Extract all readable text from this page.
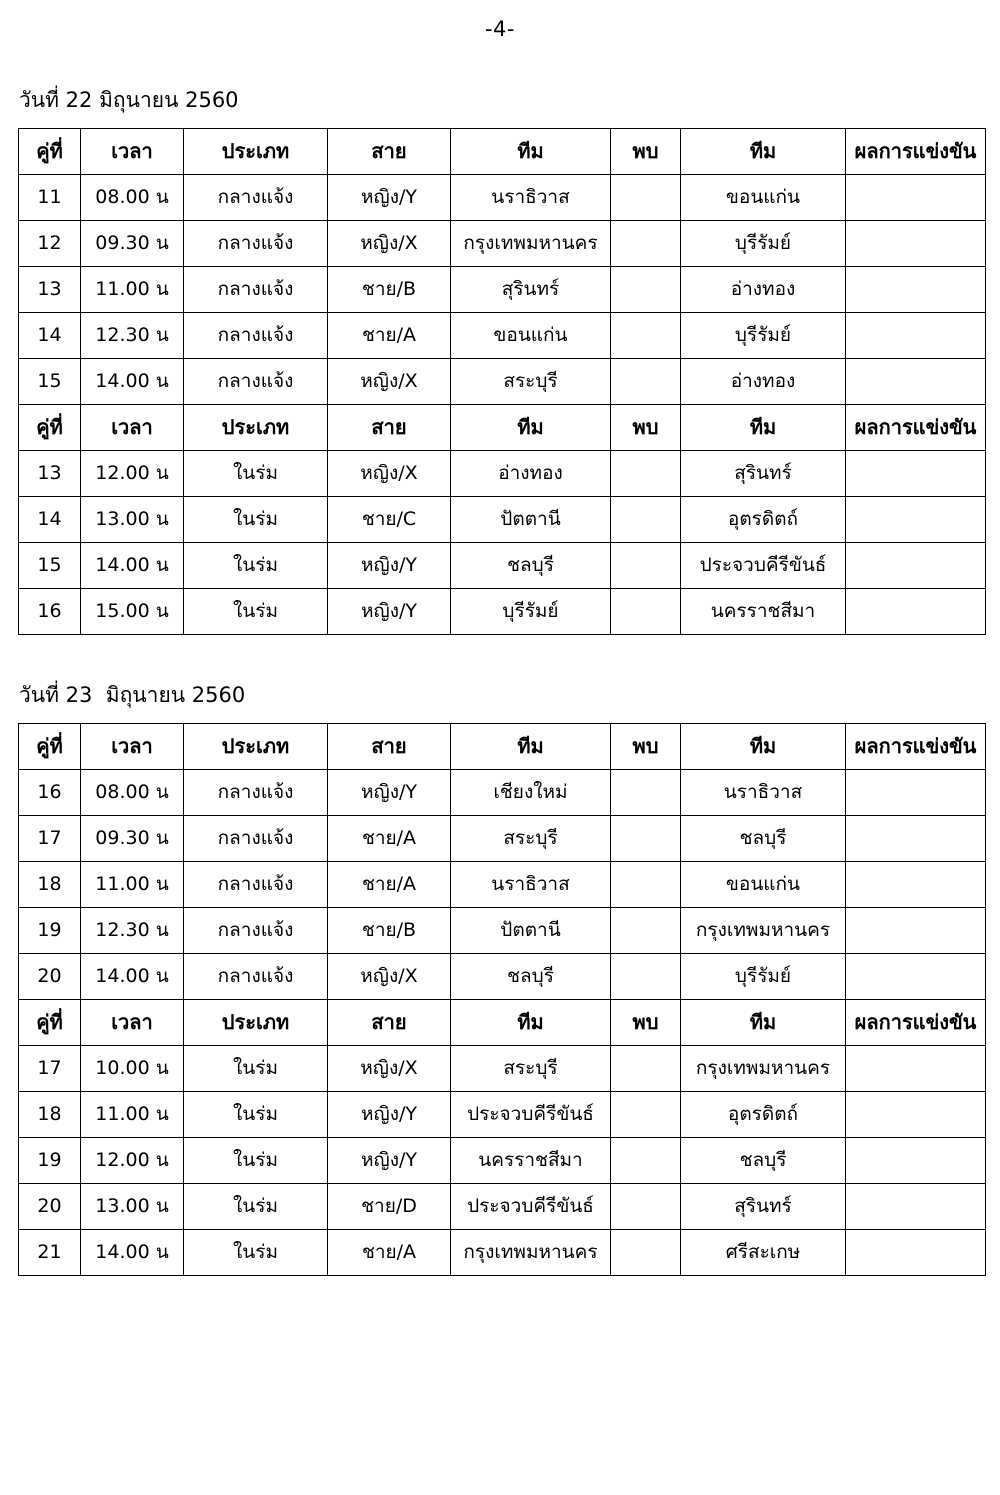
-4-
วันที่ 22 มิถุนายน 2560
คู่ที่	เวลา	ประเภท	สาย	ทีม	พบ	ทีม	ผลการแข่งขัน
11	08.00 น	กลางแจ้ง	หญิง/Y	นราธิวาส		ขอนแก่น	
12	09.30 น	กลางแจ้ง	หญิง/X	กรุงเทพมหานคร		บุรีรัมย์	
13	11.00 น	กลางแจ้ง	ชาย/B	สุรินทร์		อ่างทอง	
14	12.30 น	กลางแจ้ง	ชาย/A	ขอนแก่น		บุรีรัมย์	
15	14.00 น	กลางแจ้ง	หญิง/X	สระบุรี		อ่างทอง	
คู่ที่	เวลา	ประเภท	สาย	ทีม	พบ	ทีม	ผลการแข่งขัน
13	12.00 น	ในร่ม	หญิง/X	อ่างทอง		สุรินทร์	
14	13.00 น	ในร่ม	ชาย/C	ปัตตานี		อุตรดิตถ์	
15	14.00 น	ในร่ม	หญิง/Y	ชลบุรี		ประจวบคีรีขันธ์	
16	15.00 น	ในร่ม	หญิง/Y	บุรีรัมย์		นครราชสีมา	
วันที่ 23  มิถุนายน 2560
คู่ที่	เวลา	ประเภท	สาย	ทีม	พบ	ทีม	ผลการแข่งขัน
16	08.00 น	กลางแจ้ง	หญิง/Y	เชียงใหม่		นราธิวาส	
17	09.30 น	กลางแจ้ง	ชาย/A	สระบุรี		ชลบุรี	
18	11.00 น	กลางแจ้ง	ชาย/A	นราธิวาส		ขอนแก่น	
19	12.30 น	กลางแจ้ง	ชาย/B	ปัตตานี		กรุงเทพมหานคร	
20	14.00 น	กลางแจ้ง	หญิง/X	ชลบุรี		บุรีรัมย์	
คู่ที่	เวลา	ประเภท	สาย	ทีม	พบ	ทีม	ผลการแข่งขัน
17	10.00 น	ในร่ม	หญิง/X	สระบุรี		กรุงเทพมหานคร	
18	11.00 น	ในร่ม	หญิง/Y	ประจวบคีรีขันธ์		อุตรดิตถ์	
19	12.00 น	ในร่ม	หญิง/Y	นครราชสีมา		ชลบุรี	
20	13.00 น	ในร่ม	ชาย/D	ประจวบคีรีขันธ์		สุรินทร์	
21	14.00 น	ในร่ม	ชาย/A	กรุงเทพมหานคร		ศรีสะเกษ	
